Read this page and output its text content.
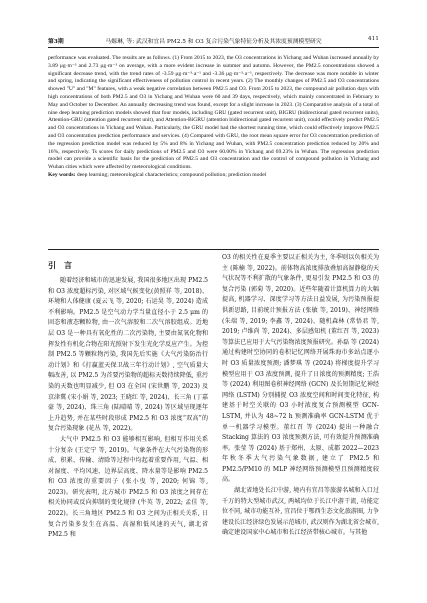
第3期	马嫄琳, 等: 武汉和宜昌 PM2.5 和 O3 复合污染气象特征分析及其浓度预测模型研究	411
performance was evaluated. The results are as follows. (1) From 2015 to 2023, the O3 concentrations in Yichang and Wuhan increased annually by 3.89 μg·m⁻³ and 2.73 μg·m⁻³ on average, with a more evident increase in summer and autumn. However, the PM2.5 concentrations showed a significant decrease trend, with the trend rates of -3.59 μg·m⁻³·a⁻¹ and -3.36 μg·m⁻³·a⁻¹, respectively. The decrease was more notable in winter and spring, indicating the significant effectiveness of pollution control in recent years. (2) The monthly changes of PM2.5 and O3 concentrations showed "U" and "M" features, with a weak negative correlation between PM2.5 and O3. From 2015 to 2023, the compound air pollution days with high concentrations of both PM2.5 and O3 in Yichang and Wuhan were 60 and 39 days, respectively, which mainly concentrated in February to May and October to December. An annually decreasing trend was found, except for a slight increase in 2023. (3) Comparative analysis of a total of nine deep learning prediction models showed that four models, including GRU (gated recurrent unit), BIGRU (bidirectional gated recurrent units), Attention-GRU (attention gated recurrent unit), and Attention-BiGRU (attention bidirectional gated recurrent unit), could effectively predict PM2.5 and O3 concentrations in Yichang and Wuhan. Particularly, the GRU model had the shortest running time, which could effectively improve PM2.5 and O3 concentration prediction performance and services. (4) Compared with GRU, the root mean square error for O3 concentration prediction of the regression prediction model was reduced by 5% and 8% in Yichang and Wuhan, with PM2.5 concentration prediction reduced by 20% and 16%, respectively. Ts scores for daily predictions of PM2.5 and O3 were 60.00% in Yichang and 69.23% in Wuhan. The regression prediction model can provide a scientific basis for the prediction of PM2.5 and O3 concentration and the control of compound pollution in Yichang and Wuhan cities which were affected by meteorological conditions.
Key words: deep learning; meteorological characteristics; compound pollution; prediction model
引　言

随着经济和城市的迅速发展, 我国很多地区出现 PM2.5 和 O3 浓度超标污染, 对区域气候变化(黄照祥 等, 2018)、环境和人体健康 (夏云飞 等, 2020; 石运昊 等, 2024) 造成不利影响。PM2.5 是空气动力学当量直径小于 2.5 μm 的固态和液态颗粒物, 由一次气溶胶和二次气溶胶组成。近地层 O3 是一种具有氧化性的二次污染物, 主要由氮氧化物和挥发性有机化合物在阳光照射下发生光化学反应产生。为控制 PM2.5 等颗粒物污染, 我国先后实施《大气污染防治行动计划》和《打赢蓝天保卫战三年行动计划》, 空气质量大幅改善, 以 PM2.5 为首要污染物的超标天数持续降低, 重污染的天数也明显减少, 但 O3 在全国 (宋世鹏 等, 2023) 及京津冀 (宋小娟 等, 2023; 王晓红 等, 2024)、长三角 (丁嘉豪 等, 2024)、珠三角 (陆晴晴 等, 2024) 等区域呈现逐年上升趋势, 并在某些时段形成 PM2.5 和 O3 浓度“双高”的复合污染现象 (花丛 等, 2022)。

大气中 PM2.5 和 O3 能够相互影响, 但相互作用关系十分复杂 (王定宁 等, 2019)。气象条件在大气污染物的形成、积累、传输、清除等过程中均起着重要作用, 气温、相对湿度、平均风速、边界层高度、降水量等是影响 PM2.5 和 O3 浓度的重要因子 (张小曳 等, 2020; 何锦 等, 2023)。研究表明, 北方城市 PM2.5 和 O3 浓度之间存在相关协同或反向抑制的变化规律 (牛英 等, 2022; 孟佳 等, 2022)。长三角地区 PM2.5 和 O3 之间为正相关关系, 日复合污染多发生在高温、高湿和低风速的天气, 湖北省 PM2.5 和

O3 的相关性在夏季主要以正相关为主, 冬季则以负相关为主 (陈楠 等, 2022)。前体物高浓度排放叠加高湿静稳的天气状况等不利扩散的气象条件, 更易引发 PM2.5 和 O3 的复合污染 (郭菊 等, 2020)。近些年随着计算机算力的大幅提高, 机器学习、深度学习等方法日益发展, 为污染预报提供新思路, 目前统计预报方法 (张敏 等, 2019)、神经网络 (朱端 等, 2019; 李鑫 等, 2024)、随机森林 (常悟君 等, 2019; 卢维尚 等, 2024)、多层感知机 (董红召 等, 2023) 等算法已应用于大气污染物浓度预报研究。孙磊 等 (2024) 通过构建时空协同的卷积记忆网络开展珠海市多站点逐小时 O3 质量浓度预测; 潘梦琪 等 (2024) 将梯度提升学习模型应用于 O3 浓度预测, 提升了日浓度的预测精度; 王浩 等 (2024) 利用图卷积神经网络 (GCN) 及长短期记忆神经网络 (LSTM) 分别捕捉 O3 浓度空间和时间变化特征, 构建基于时空关联的 O3 小时浓度复合预测模型 GCN-LSTM, 并认为 48~72 h 预测准确率 GCN-LSTM 优于单一机器学习模型。董红召 等 (2024) 提出一种融合 Stacking 算法的 O3 浓度预测方法, 可有效提升预测准确率。张莹 等 (2024) 基于郑州、太原、成都 2022—2023 年秋冬季大气污染气象数据, 建立了 PM2.5 和 PM2.5/PM10 的 MLP 神经网络预测模型且预测精度较高。

湖北省地处长江中游, 境内有宜昌等旅游名城和入口过千万的特大型城市武汉, 两城均位于长江中游干流, 功能定位不同, 城市功能互补, 宜昌位于鄂西生态文化旅游圈, 力争建设长江经济绿色发展示范城市, 武汉则作为湖北省会城市, 确定建设国家中心城市和长江经济带核心城市。与其他
